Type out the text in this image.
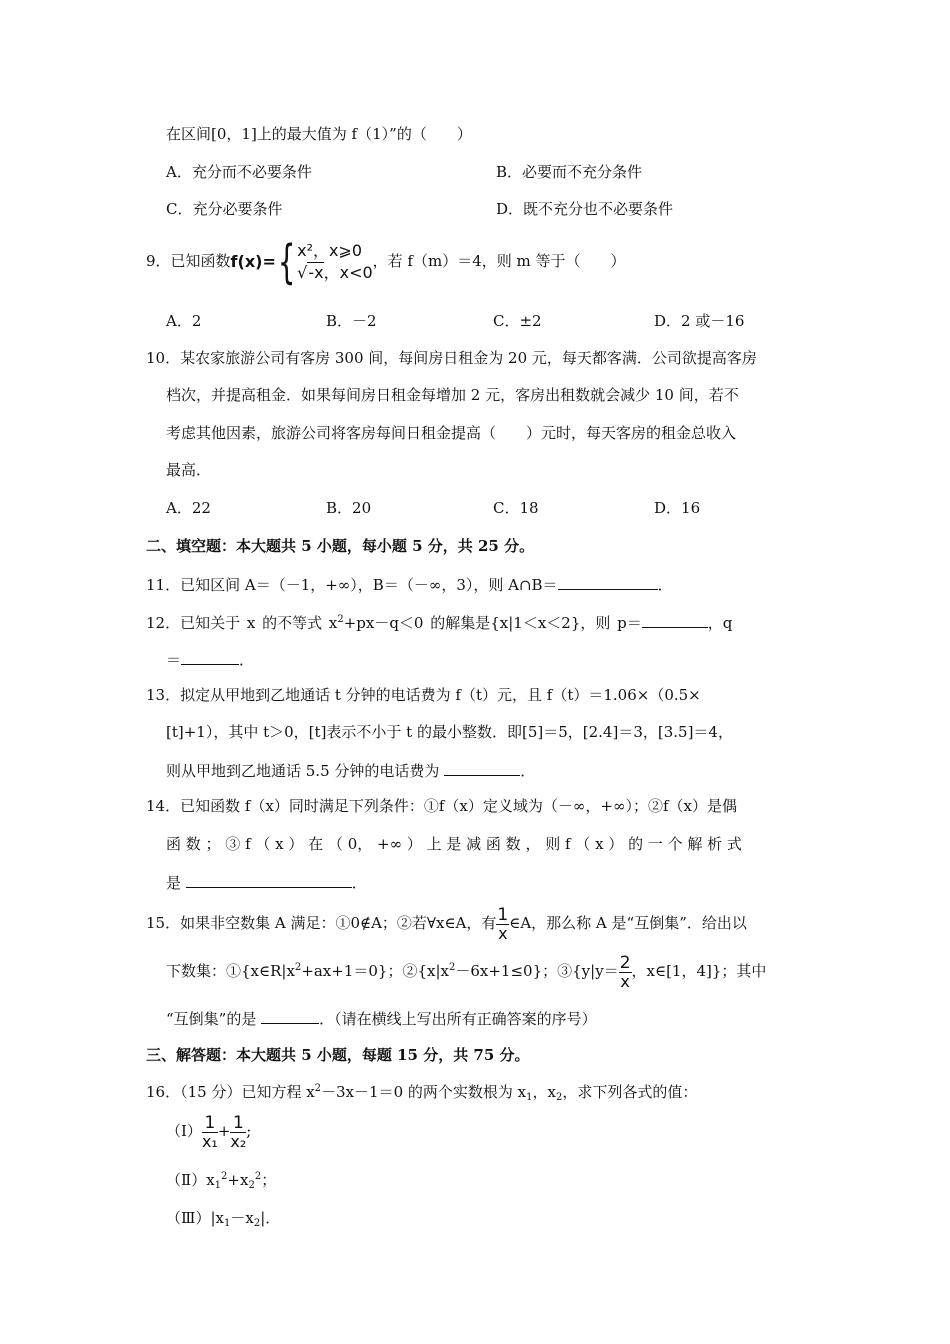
在区间[0，1]上的最大值为 f（1）”的（　　）
A．充分而不必要条件	B．必要而不充分条件
C．充分必要条件	D．既不充分也不必要条件
9．已知函数f(x)={ x²，x⩾0
√-x，x<0
，若 f（m）＝4，则 m 等于（　　）
A．2	B．－2	C．±2	D．2 或－16
10．某农家旅游公司有客房 300 间，每间房日租金为 20 元，每天都客满．公司欲提高客房
档次，并提高租金．如果每间房日租金每增加 2 元，客房出租数就会减少 10 间，若不
考虑其他因素，旅游公司将客房每间日租金提高（　　）元时，每天客房的租金总收入
最高．
A．22	B．20	C．18	D．16
二、填空题：本大题共 5 小题，每小题 5 分，共 25 分。
11．已知区间 A＝（－1，+∞），B＝（－∞，3），则 A∩B＝	．
12．已知关于 x 的不等式 $x^2+px-q<0$ 的解集是{x|1＜x＜2}，则 p＝	，q
＝	．
13．拟定从甲地到乙地通话 t 分钟的电话费为 f（t）元，且 f（t）＝1.06×（0.5×
[t]+1），其中 t＞0，[t]表示不小于 t 的最小整数．即[5]＝5，[2.4]＝3，[3.5]＝4，
则从甲地到乙地通话 5.5 分钟的电话费为	．
14．已知函数 f（x）同时满足下列条件：①f（x）定义域为（－∞，+∞）；②f（x）是偶
函 数 ； ③ f （ x ） 在 （ 0， +∞ ） 上 是 减 函 数 ， 则 f （ x ） 的 一 个 解 析 式
是	．
15．如果非空数集 A 满足：①0∉A；②若∀x∈A，有 $\frac{1}{x}$ ∈A，那么称 A 是“互倒集”．给出以
下数集：$①\{x\in R|x^2+ax+1=0\}$；$②\{x|x^2-6x+1\le 0\}$；③{y|y＝ $\frac{2}{x}$ ，x∈[1，4]}；其中
“互倒集”的是	．（请在横线上写出所有正确答案的序号）
三、解答题：本大题共 5 小题，每题 15 分，共 75 分。
16．（15 分）已知方程 $x^2-3x-1=0$ 的两个实数根为 $x_1$，$x_2$，求下列各式的值：
（Ⅰ） $\frac{1}{\text{x₁}} + \frac{1}{\text{x₂}}$ ;
$(Ⅱ)x_1^2+x_2^2$；
$(Ⅲ)|x_1-x_2|$．
